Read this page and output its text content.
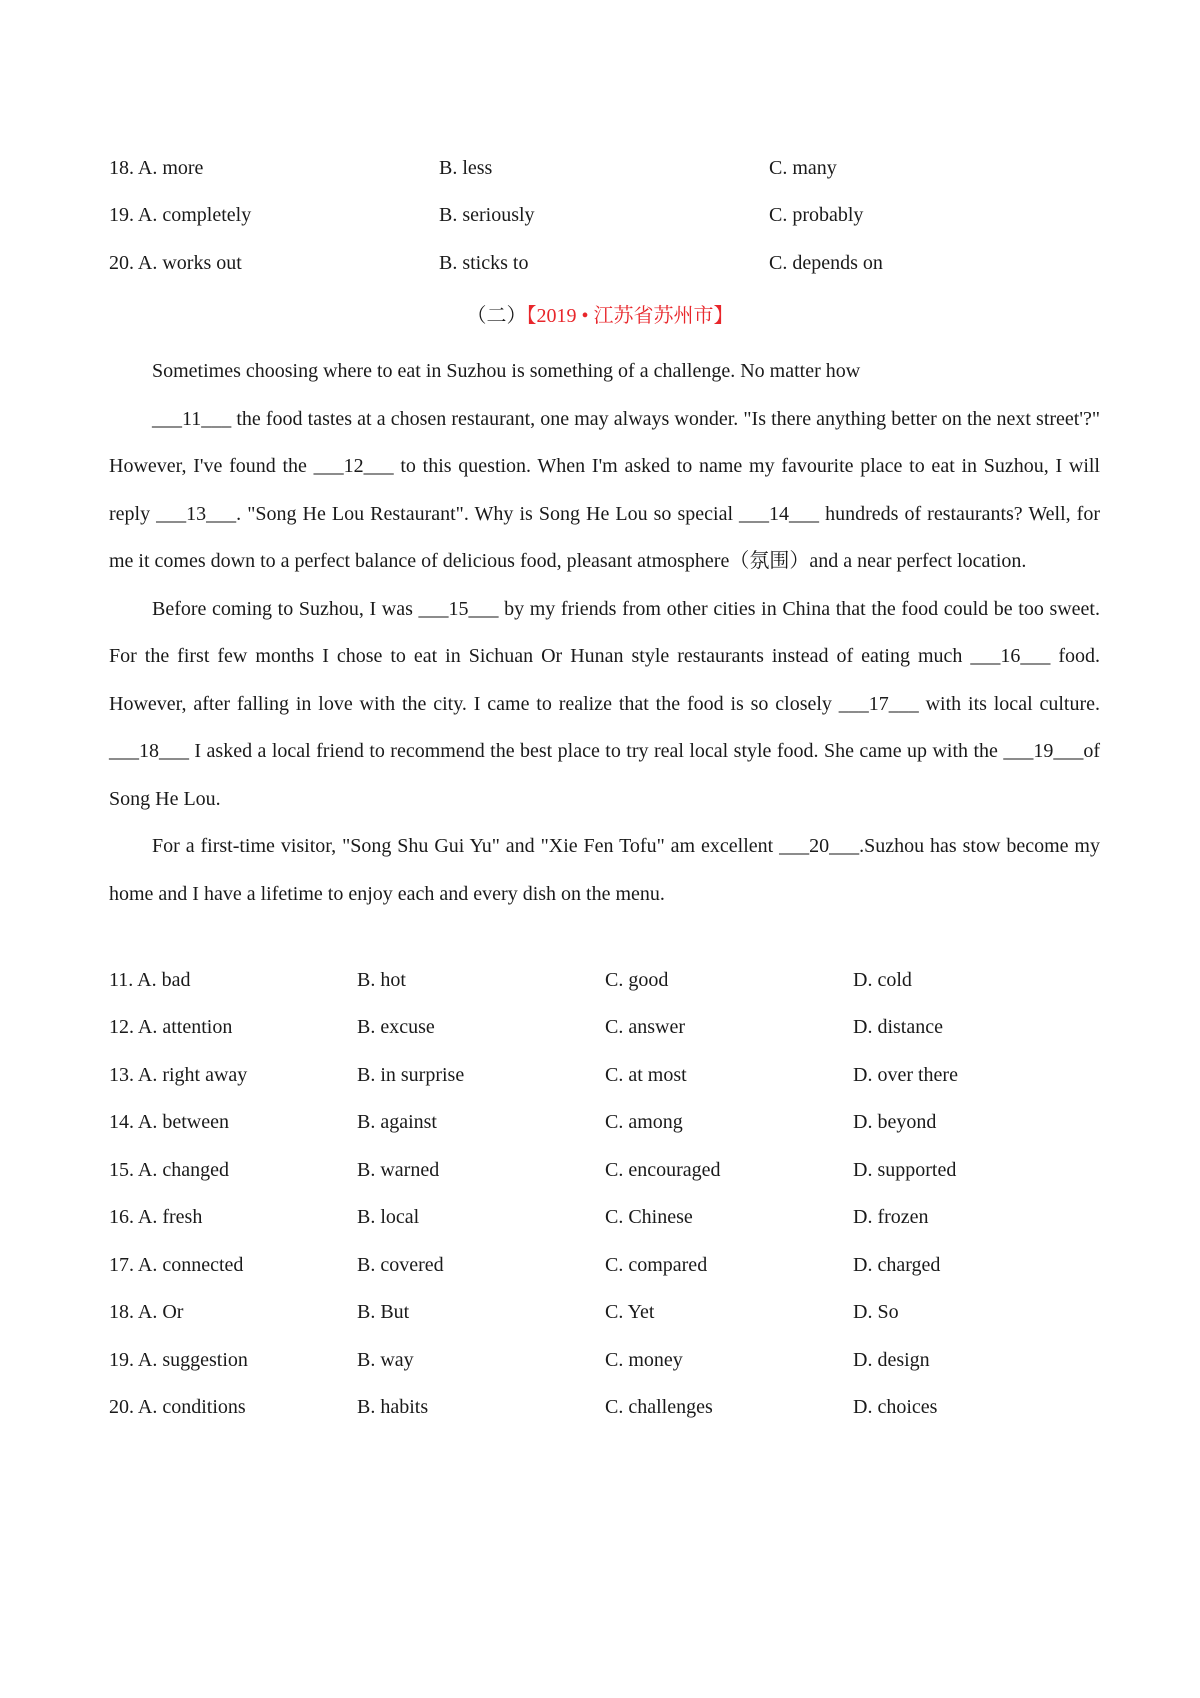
18. A. more	B. less	C. many
19. A. completely	B. seriously	C. probably
20. A. works out	B. sticks to	C. depends on
（二）【2019 • 江苏省苏州市】

Sometimes choosing where to eat in Suzhou is something of a challenge. No matter how

___11___ the food tastes at a chosen restaurant, one may always wonder. "Is there anything better on the next street'?" However, I've found the ___12___ to this question. When I'm asked to name my favourite place to eat in Suzhou, I will reply ___13___. "Song He Lou Restaurant". Why is Song He Lou so special ___14___ hundreds of restaurants? Well, for me it comes down to a perfect balance of delicious food, pleasant atmosphere（氛围）and a near perfect location.

Before coming to Suzhou, I was ___15___ by my friends from other cities in China that the food could be too sweet. For the first few months I chose to eat in Sichuan Or Hunan style restaurants instead of eating much ___16___ food. However, after falling in love with the city. I came to realize that the food is so closely ___17___ with its local culture. ___18___ I asked a local friend to recommend the best place to try real local style food. She came up with the ___19___of Song He Lou.

For a first-time visitor, "Song Shu Gui Yu" and "Xie Fen Tofu" am excellent ___20___.Suzhou has stow become my home and I have a lifetime to enjoy each and every dish on the menu.

11. A. bad	B. hot	C. good	D. cold
12. A. attention	B. excuse	C. answer	D. distance
13. A. right away	B. in surprise	C. at most	D. over there
14. A. between	B. against	C. among	D. beyond
15. A. changed	B. warned	C. encouraged	D. supported
16. A. fresh	B. local	C. Chinese	D. frozen
17. A. connected	B. covered	C. compared	D. charged
18. A. Or	B. But	C. Yet	D. So
19. A. suggestion	B. way	C. money	D. design
20. A. conditions	B. habits	C. challenges	D. choices
